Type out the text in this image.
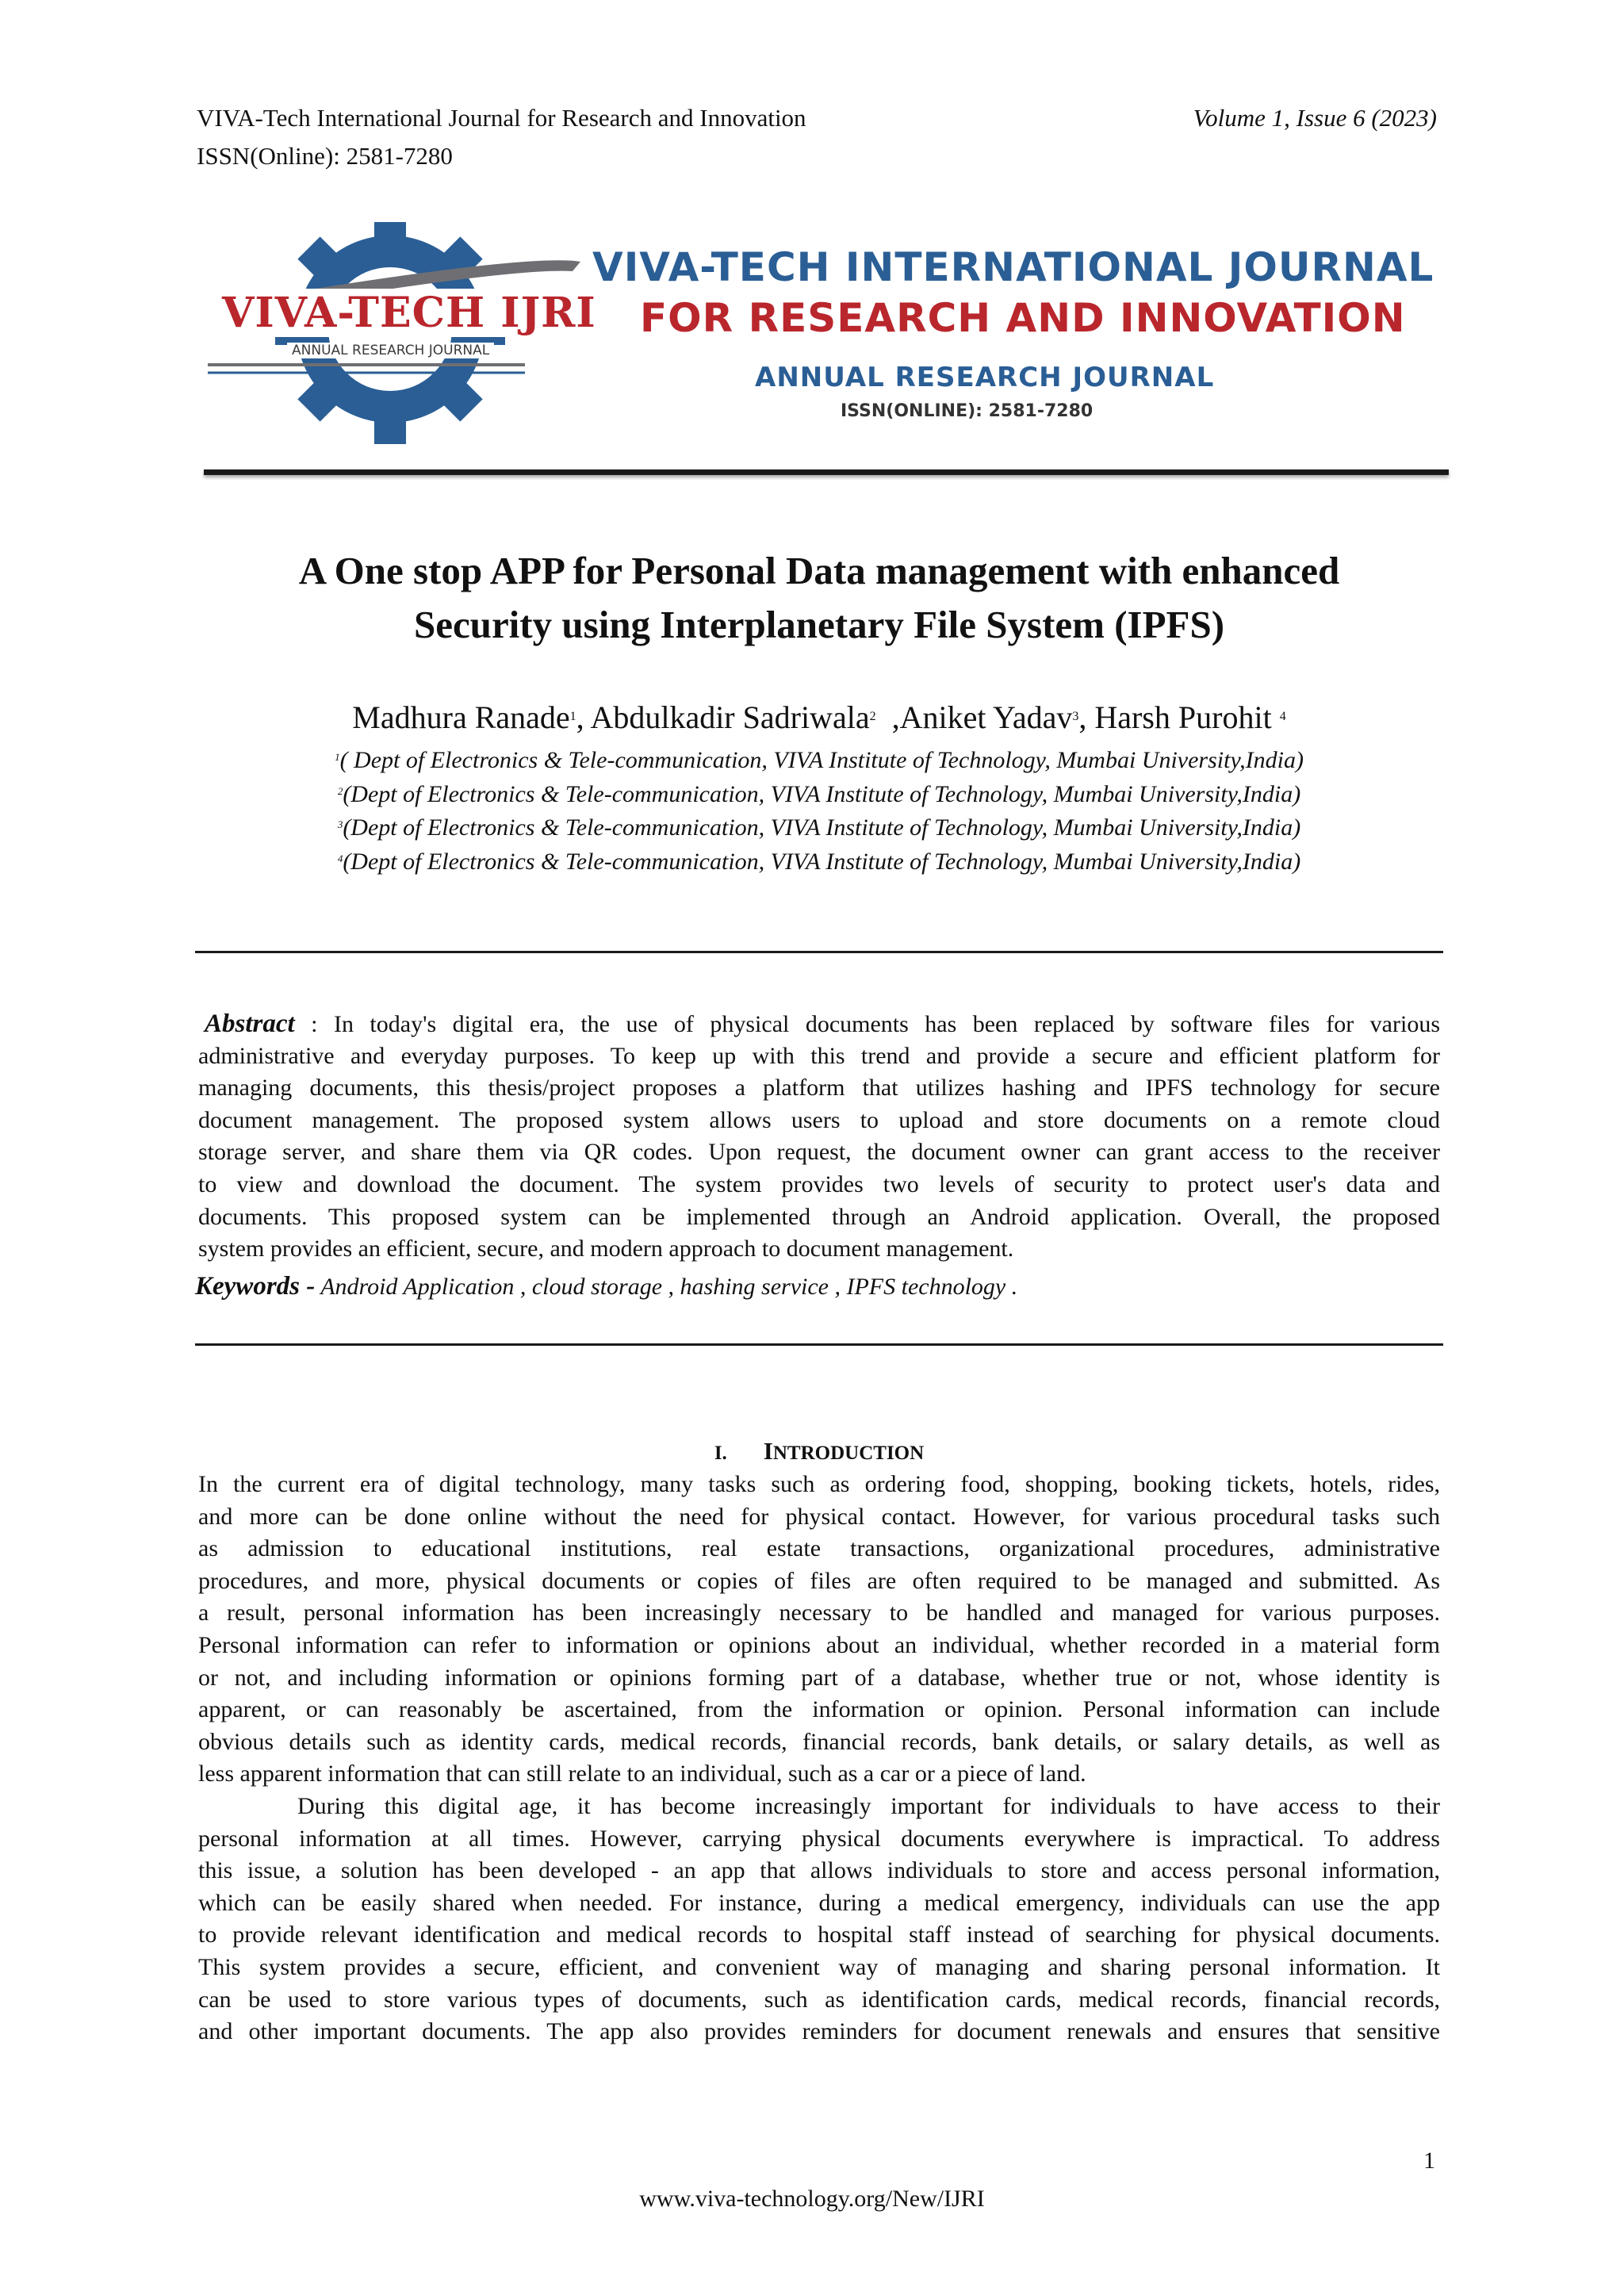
VIVA-Tech International Journal for Research and Innovation
ISSN(Online): 2581-7280
Volume 1, Issue 6 (2023)
VIVA-TECH IJRI
ANNUAL RESEARCH JOURNAL
VIVA-TECH INTERNATIONAL JOURNAL
FOR RESEARCH AND INNOVATION
ANNUAL RESEARCH JOURNAL
ISSN(ONLINE): 2581-7280
A One stop APP for Personal Data management with enhanced
Security using Interplanetary File System (IPFS)
Madhura Ranade$^1$, Abdulkadir Sadriwala$^2$  ,Aniket Yadav$^3$, Harsh Purohit $^4$
$^1$( Dept of Electronics & Tele-communication, VIVA Institute of Technology, Mumbai University,India)
$^2$(Dept of Electronics & Tele-communication, VIVA Institute of Technology, Mumbai University,India)
$^3$(Dept of Electronics & Tele-communication, VIVA Institute of Technology, Mumbai University,India)
$^4$(Dept of Electronics & Tele-communication, VIVA Institute of Technology, Mumbai University,India)
Abstract : In today's digital era, the use of physical documents has been replaced by software files for various
administrative and everyday purposes. To keep up with this trend and provide a secure and efficient platform for
managing documents, this thesis/project proposes a platform that utilizes hashing and IPFS technology for secure
document management. The proposed system allows users to upload and store documents on a remote cloud
storage server, and share them via QR codes. Upon request, the document owner can grant access to the receiver
to view and download the document. The system provides two levels of security to protect user's data and
documents. This proposed system can be implemented through an Android application. Overall, the proposed
system provides an efficient, secure, and modern approach to document management.
Keywords - Android Application , cloud storage , hashing service , IPFS technology .
I. INTRODUCTION
In the current era of digital technology, many tasks such as ordering food, shopping, booking tickets, hotels, rides,
and more can be done online without the need for physical contact. However, for various procedural tasks such
as admission to educational institutions, real estate transactions, organizational procedures, administrative
procedures, and more, physical documents or copies of files are often required to be managed and submitted. As
a result, personal information has been increasingly necessary to be handled and managed for various purposes.
Personal information can refer to information or opinions about an individual, whether recorded in a material form
or not, and including information or opinions forming part of a database, whether true or not, whose identity is
apparent, or can reasonably be ascertained, from the information or opinion. Personal information can include
obvious details such as identity cards, medical records, financial records, bank details, or salary details, as well as
less apparent information that can still relate to an individual, such as a car or a piece of land.
During this digital age, it has become increasingly important for individuals to have access to their
personal information at all times. However, carrying physical documents everywhere is impractical. To address
this issue, a solution has been developed - an app that allows individuals to store and access personal information,
which can be easily shared when needed. For instance, during a medical emergency, individuals can use the app
to provide relevant identification and medical records to hospital staff instead of searching for physical documents.
This system provides a secure, efficient, and convenient way of managing and sharing personal information. It
can be used to store various types of documents, such as identification cards, medical records, financial records,
and other important documents. The app also provides reminders for document renewals and ensures that sensitive
1
www.viva-technology.org/New/IJRI
